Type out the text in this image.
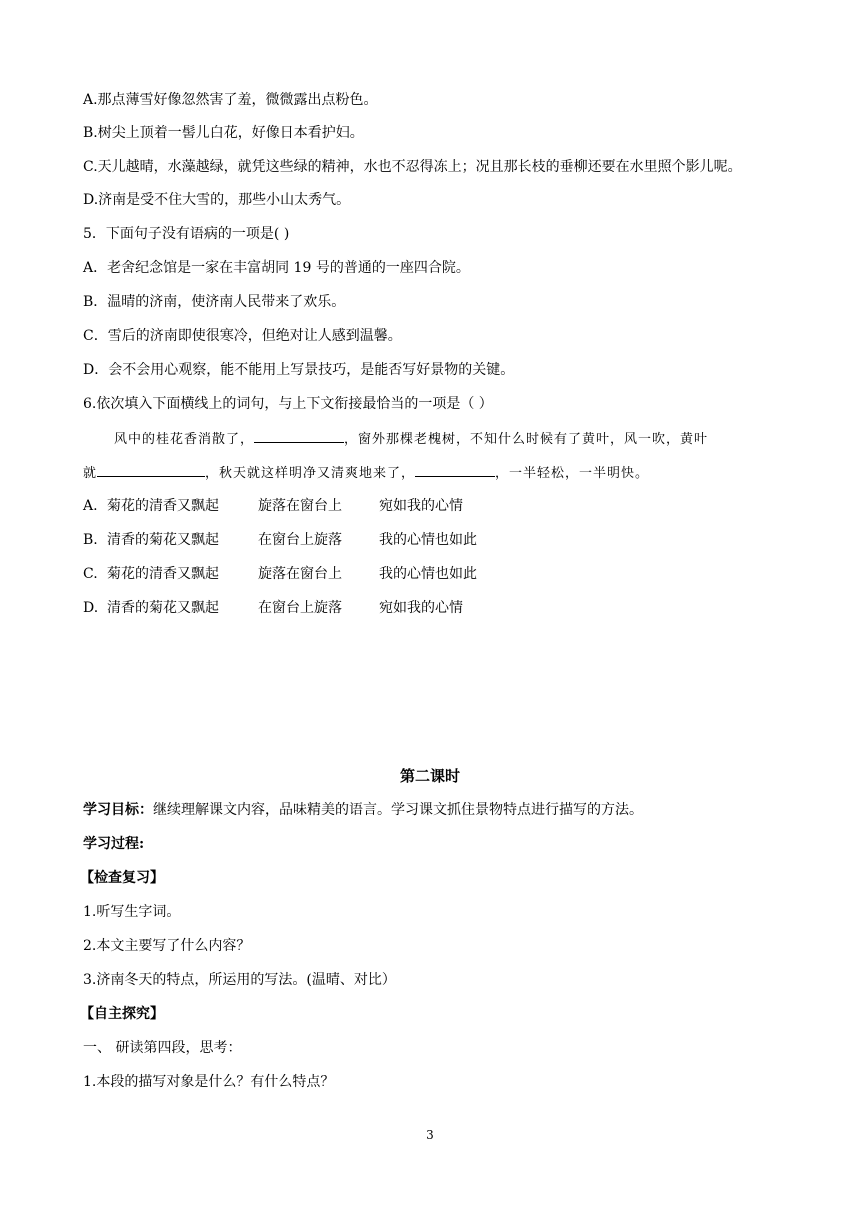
A.那点薄雪好像忽然害了羞，微微露出点粉色。
B.树尖上顶着一髻儿白花，好像日本看护妇。
C.天儿越晴，水藻越绿，就凭这些绿的精神，水也不忍得冻上；况且那长枝的垂柳还要在水里照个影儿呢。
D.济南是受不住大雪的，那些小山太秀气。
5．下面句子没有语病的一项是( )
A．老舍纪念馆是一家在丰富胡同 19 号的普通的一座四合院。
B．温晴的济南，使济南人民带来了欢乐。
C．雪后的济南即使很寒冷，但绝对让人感到温馨。
D．会不会用心观察，能不能用上写景技巧，是能否写好景物的关键。
6.依次填入下面横线上的词句，与上下文衔接最恰当的一项是（ ）
风中的桂花香消散了，	，窗外那棵老槐树，不知什么时候有了黄叶，风一吹，黄叶
就	，秋天就这样明净又清爽地来了，	，一半轻松，一半明快。
A. 菊花的清香又飘起	旋落在窗台上	宛如我的心情
B. 清香的菊花又飘起	在窗台上旋落	我的心情也如此
C. 菊花的清香又飘起	旋落在窗台上	我的心情也如此
D. 清香的菊花又飘起	在窗台上旋落	宛如我的心情
第二课时
学习目标：继续理解课文内容，品味精美的语言。学习课文抓住景物特点进行描写的方法。
学习过程:
【检查复习】
1.听写生字词。
2.本文主要写了什么内容？
3.济南冬天的特点，所运用的写法。(温晴、对比）
【自主探究】
一、 研读第四段，思考：
1.本段的描写对象是什么？有什么特点？
3
